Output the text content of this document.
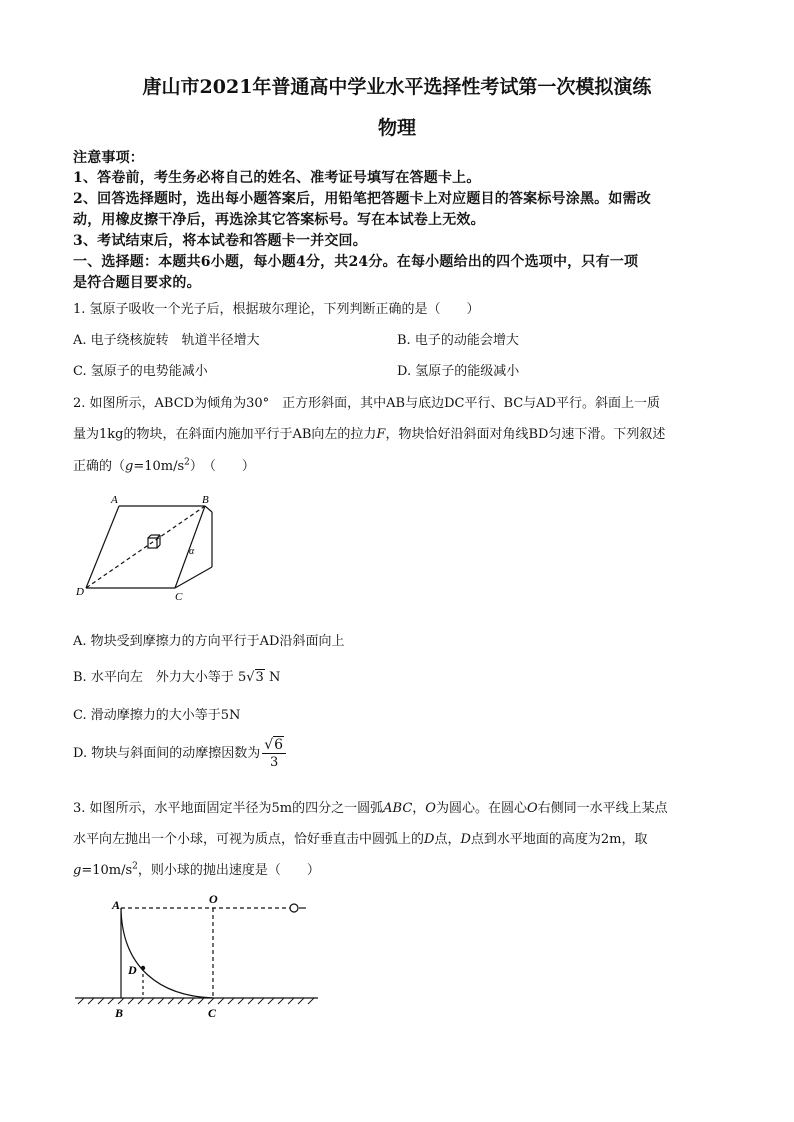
唐山市2021年普通高中学业水平选择性考试第一次模拟演练
物理
注意事项：
1、答卷前，考生务必将自己的姓名、准考证号填写在答题卡上。
2、回答选择题时，选出每小题答案后，用铅笔把答题卡上对应题目的答案标号涂黑。如需改
动，用橡皮擦干净后，再选涂其它答案标号。写在本试卷上无效。
3、考试结束后，将本试卷和答题卡一并交回。
一、选择题：本题共6小题，每小题4分，共24分。在每小题给出的四个选项中，只有一项
是符合题目要求的。
1. 氢原子吸收一个光子后，根据玻尔理论，下列判断正确的是（　　）
A. 电子绕核旋转　轨道半径增大	B. 电子的动能会增大
C. 氢原子的电势能减小	D. 氢原子的能级减小
2. 如图所示，ABCD为倾角为30°　正方形斜面，其中AB与底边DC平行、BC与AD平行。斜面上一质
量为1kg的物块，在斜面内施加平行于AB向左的拉力F，物块恰好沿斜面对角线BD匀速下滑。下列叙述
正确的$(g=10m/s^2)$　（　　）
A	B
C
D
α
A. 物块受到摩擦力的方向平行于AD沿斜面向上
B. 水平向左　外力大小等于 5√3 N
C. 滑动摩擦力的大小等于5N
D. 物块与斜面间的动摩擦因数为 $\frac{√6}{3}$
3. 如图所示，水平地面固定半径为5m的四分之一圆弧ABC，O为圆心。在圆心O右侧同一水平线上某点
水平向左抛出一个小球，可视为质点，恰好垂直击中圆弧上的D点，D点到水平地面的高度为2m，取
$g=10m/s^2$，则小球的抛出速度是（　　）
A	O
D
B	C
